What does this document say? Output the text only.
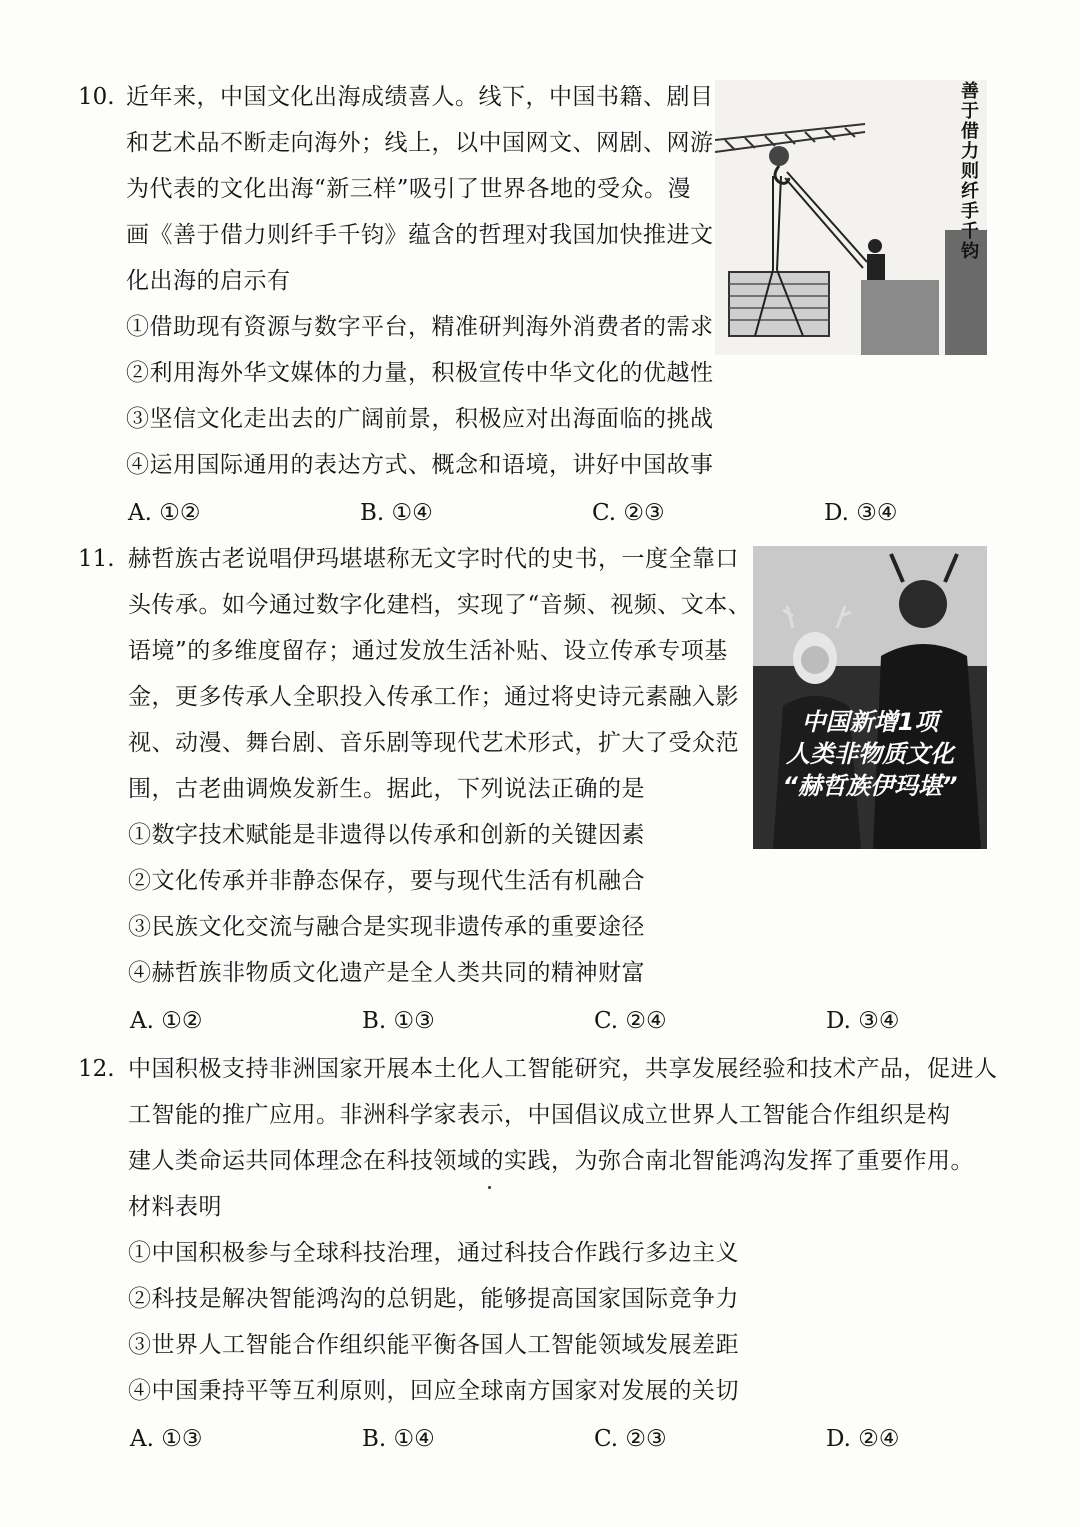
10. 近年来，中国文化出海成绩喜人。线下，中国书籍、剧目
和艺术品不断走向海外；线上，以中国网文、网剧、网游
为代表的文化出海“新三样”吸引了世界各地的受众。漫
画《善于借力则纤手千钧》蕴含的哲理对我国加快推进文
化出海的启示有
①借助现有资源与数字平台，精准研判海外消费者的需求
②利用海外华文媒体的力量，积极宣传中华文化的优越性
③坚信文化走出去的广阔前景，积极应对出海面临的挑战
④运用国际通用的表达方式、概念和语境，讲好中国故事
A. ①②	B. ①④	C. ②③	D. ③④
善于借力则纤手千钧
11. 赫哲族古老说唱伊玛堪堪称无文字时代的史书，一度全靠口
头传承。如今通过数字化建档，实现了“音频、视频、文本、
语境”的多维度留存；通过发放生活补贴、设立传承专项基
金，更多传承人全职投入传承工作；通过将史诗元素融入影
视、动漫、舞台剧、音乐剧等现代艺术形式，扩大了受众范
围，古老曲调焕发新生。据此，下列说法正确的是
①数字技术赋能是非遗得以传承和创新的关键因素
②文化传承并非静态保存，要与现代生活有机融合
③民族文化交流与融合是实现非遗传承的重要途径
④赫哲族非物质文化遗产是全人类共同的精神财富
A. ①②	B. ①③	C. ②④	D. ③④
中国新增1项
人类非物质文化
“赫哲族伊玛堪”
12. 中国积极支持非洲国家开展本土化人工智能研究，共享发展经验和技术产品，促进人
工智能的推广应用。非洲科学家表示，中国倡议成立世界人工智能合作组织是构
建人类命运共同体理念在科技领域的实践，为弥合南北智能鸿沟发挥了重要作用。
材料表明
①中国积极参与全球科技治理，通过科技合作践行多边主义
②科技是解决智能鸿沟的总钥匙，能够提高国家国际竞争力
③世界人工智能合作组织能平衡各国人工智能领域发展差距
④中国秉持平等互利原则，回应全球南方国家对发展的关切
A. ①③	B. ①④	C. ②③	D. ②④
